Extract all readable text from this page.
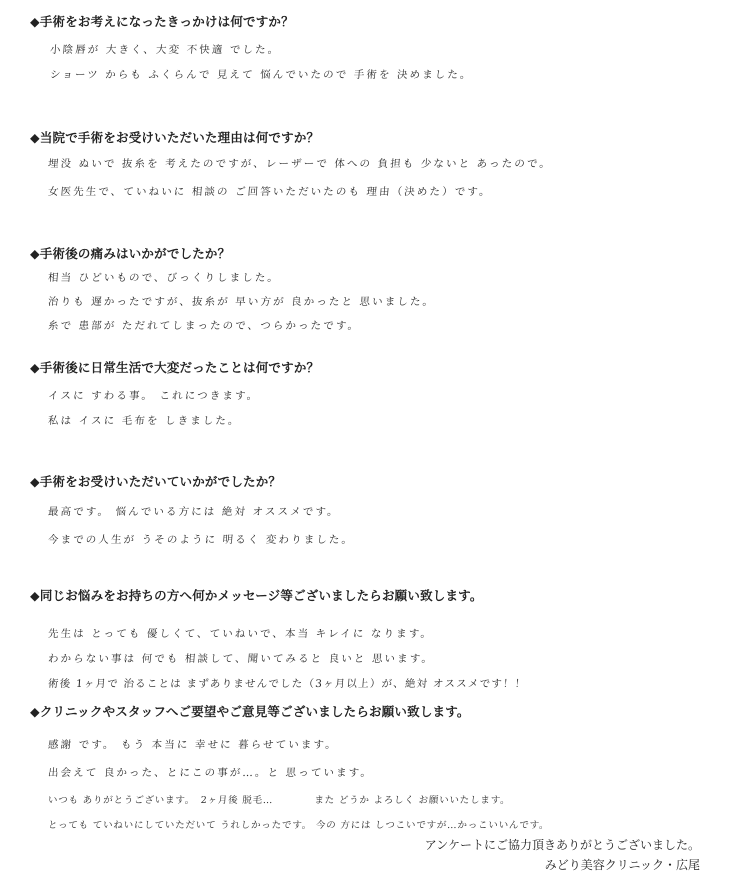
◆手術をお考えになったきっかけは何ですか？
小陰唇が 大きく、大変 不快適 でした。
ショーツ からも ふくらんで 見えて 悩んでいたので 手術を 決めました。
◆当院で手術をお受けいただいた理由は何ですか？
埋没 ぬいで 抜糸を 考えたのですが、レーザーで 体への 負担も 少ないと あったので。
女医先生で、ていねいに 相談の ご回答いただいたのも 理由（決めた）です。
◆手術後の痛みはいかがでしたか？
相当 ひどいもので、びっくりしました。
治りも 遅かったですが、抜糸が 早い方が 良かったと 思いました。
糸で 患部が ただれてしまったので、つらかったです。
◆手術後に日常生活で大変だったことは何ですか？
イスに すわる事。 これにつきます。
私は イスに 毛布を しきました。
◆手術をお受けいただいていかがでしたか？
最高です。 悩んでいる方には 絶対 オススメです。
今までの人生が うそのように 明るく 変わりました。
◆同じお悩みをお持ちの方へ何かメッセージ等ございましたらお願い致します。
先生は とっても 優しくて、ていねいで、本当 キレイに なります。
わからない事は 何でも 相談して、聞いてみると 良いと 思います。
術後 1ヶ月で 治ることは まずありませんでした（3ヶ月以上）が、絶対 オススメです！！
◆クリニックやスタッフへご要望やご意見等ございましたらお願い致します。
感謝 です。 もう 本当に 幸せに 暮らせています。
出会えて 良かった、とにこの事が…。と 思っています。
いつも ありがとうございます。　2ヶ月後 脱毛…　　　　また どうか よろしく お願いいたします。
とっても ていねいにしていただいて うれしかったです。 今の 方には しつこいですが…かっこいいんです。
アンケートにご協力頂きありがとうございました。
みどり美容クリニック・広尾
